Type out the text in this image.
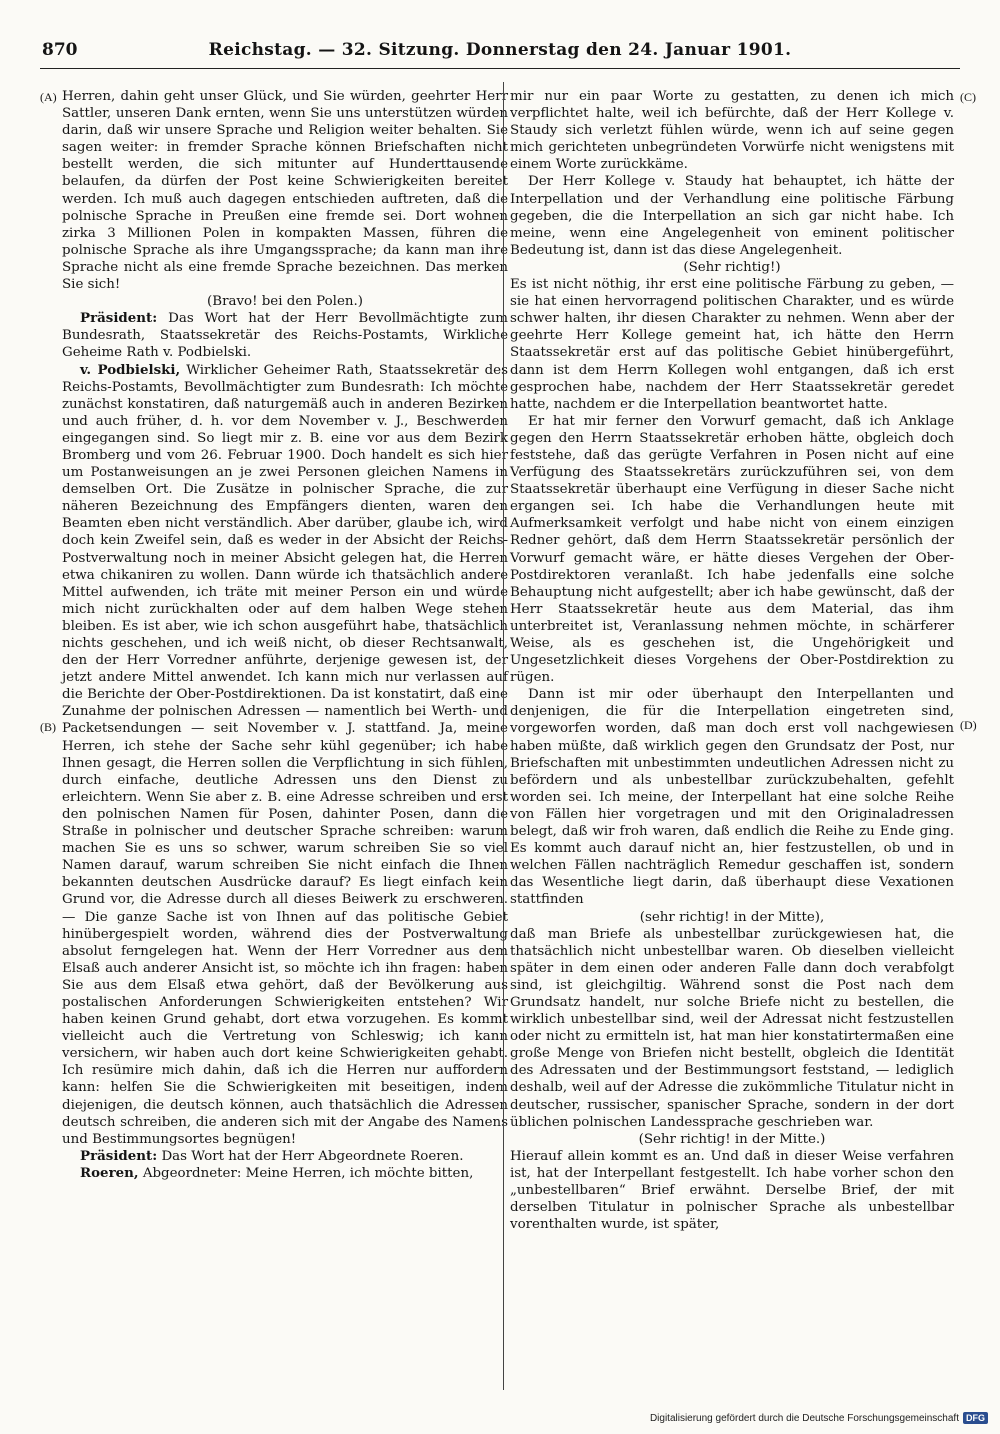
870	Reichstag. — 32. Sitzung. Donnerstag den 24. Januar 1901.
(A)
(B)
(C)
(D)

Herren, dahin geht unser Glück, und Sie würden, geehrter Herr Sattler, unseren Dank ernten, wenn Sie uns unterstützen würden darin, daß wir unsere Sprache und Religion weiter behalten. Sie sagen weiter: in fremder Sprache können Briefschaften nicht bestellt werden, die sich mitunter auf Hunderttausende belaufen, da dürfen der Post keine Schwierigkeiten bereitet werden. Ich muß auch dagegen entschieden auftreten, daß die polnische Sprache in Preußen eine fremde sei. Dort wohnen zirka 3 Millionen Polen in kompakten Massen, führen die polnische Sprache als ihre Umgangssprache; da kann man ihre Sprache nicht als eine fremde Sprache bezeichnen. Das merken Sie sich!

(Bravo! bei den Polen.)

Präsident: Das Wort hat der Herr Bevollmächtigte zum Bundesrath, Staatssekretär des Reichs-Postamts, Wirkliche Geheime Rath v. Podbielski.

v. Podbielski, Wirklicher Geheimer Rath, Staatssekretär des Reichs-Postamts, Bevollmächtigter zum Bundesrath: Ich möchte zunächst konstatiren, daß naturgemäß auch in anderen Bezirken und auch früher, d. h. vor dem November v. J., Beschwerden eingegangen sind. So liegt mir z. B. eine vor aus dem Bezirk Bromberg und vom 26. Februar 1900. Doch handelt es sich hier um Postanweisungen an je zwei Personen gleichen Namens in demselben Ort. Die Zusätze in polnischer Sprache, die zur näheren Bezeichnung des Empfängers dienten, waren den Beamten eben nicht verständlich. Aber darüber, glaube ich, wird doch kein Zweifel sein, daß es weder in der Absicht der Reichs-Postverwaltung noch in meiner Absicht gelegen hat, die Herren etwa chikaniren zu wollen. Dann würde ich thatsächlich andere Mittel aufwenden, ich träte mit meiner Person ein und würde mich nicht zurückhalten oder auf dem halben Wege stehen bleiben. Es ist aber, wie ich schon ausgeführt habe, thatsächlich nichts geschehen, und ich weiß nicht, ob dieser Rechtsanwalt, den der Herr Vorredner anführte, derjenige gewesen ist, der jetzt andere Mittel anwendet. Ich kann mich nur verlassen auf die Berichte der Ober-Postdirektionen. Da ist konstatirt, daß eine Zunahme der polnischen Adressen — namentlich bei Werth- und Packetsendungen — seit November v. J. stattfand. Ja, meine Herren, ich stehe der Sache sehr kühl gegenüber; ich habe Ihnen gesagt, die Herren sollen die Verpflichtung in sich fühlen, durch einfache, deutliche Adressen uns den Dienst zu erleichtern. Wenn Sie aber z. B. eine Adresse schreiben und erst den polnischen Namen für Posen, dahinter Posen, dann die Straße in polnischer und deutscher Sprache schreiben: warum machen Sie es uns so schwer, warum schreiben Sie so viel Namen darauf, warum schreiben Sie nicht einfach die Ihnen bekannten deutschen Ausdrücke darauf? Es liegt einfach kein Grund vor, die Adresse durch all dieses Beiwerk zu erschweren. — Die ganze Sache ist von Ihnen auf das politische Gebiet hinübergespielt worden, während dies der Postverwaltung absolut ferngelegen hat. Wenn der Herr Vorredner aus dem Elsaß auch anderer Ansicht ist, so möchte ich ihn fragen: haben Sie aus dem Elsaß etwa gehört, daß der Bevölkerung aus postalischen Anforderungen Schwierigkeiten entstehen? Wir haben keinen Grund gehabt, dort etwa vorzugehen. Es kommt vielleicht auch die Vertretung von Schleswig; ich kann versichern, wir haben auch dort keine Schwierigkeiten gehabt. Ich resümire mich dahin, daß ich die Herren nur auffordern kann: helfen Sie die Schwierigkeiten mit beseitigen, indem diejenigen, die deutsch können, auch thatsächlich die Adressen deutsch schreiben, die anderen sich mit der Angabe des Namens und Bestimmungsortes begnügen!

Präsident: Das Wort hat der Herr Abgeordnete Roeren.

Roeren, Abgeordneter: Meine Herren, ich möchte bitten,

mir nur ein paar Worte zu gestatten, zu denen ich mich verpflichtet halte, weil ich befürchte, daß der Herr Kollege v. Staudy sich verletzt fühlen würde, wenn ich auf seine gegen mich gerichteten unbegründeten Vorwürfe nicht wenigstens mit einem Worte zurückkäme.

Der Herr Kollege v. Staudy hat behauptet, ich hätte der Interpellation und der Verhandlung eine politische Färbung gegeben, die die Interpellation an sich gar nicht habe. Ich meine, wenn eine Angelegenheit von eminent politischer Bedeutung ist, dann ist das diese Angelegenheit.

(Sehr richtig!)

Es ist nicht nöthig, ihr erst eine politische Färbung zu geben, — sie hat einen hervorragend politischen Charakter, und es würde schwer halten, ihr diesen Charakter zu nehmen. Wenn aber der geehrte Herr Kollege gemeint hat, ich hätte den Herrn Staatssekretär erst auf das politische Gebiet hinübergeführt, dann ist dem Herrn Kollegen wohl entgangen, daß ich erst gesprochen habe, nachdem der Herr Staatssekretär geredet hatte, nachdem er die Interpellation beantwortet hatte.

Er hat mir ferner den Vorwurf gemacht, daß ich Anklage gegen den Herrn Staatssekretär erhoben hätte, obgleich doch feststehe, daß das gerügte Verfahren in Posen nicht auf eine Verfügung des Staatssekretärs zurückzuführen sei, von dem Staatssekretär überhaupt eine Verfügung in dieser Sache nicht ergangen sei. Ich habe die Verhandlungen heute mit Aufmerksamkeit verfolgt und habe nicht von einem einzigen Redner gehört, daß dem Herrn Staatssekretär persönlich der Vorwurf gemacht wäre, er hätte dieses Vergehen der Ober-Postdirektoren veranlaßt. Ich habe jedenfalls eine solche Behauptung nicht aufgestellt; aber ich habe gewünscht, daß der Herr Staatssekretär heute aus dem Material, das ihm unterbreitet ist, Veranlassung nehmen möchte, in schärferer Weise, als es geschehen ist, die Ungehörigkeit und Ungesetzlichkeit dieses Vorgehens der Ober-Postdirektion zu rügen.

Dann ist mir oder überhaupt den Interpellanten und denjenigen, die für die Interpellation eingetreten sind, vorgeworfen worden, daß man doch erst voll nachgewiesen haben müßte, daß wirklich gegen den Grundsatz der Post, nur Briefschaften mit unbestimmten undeutlichen Adressen nicht zu befördern und als unbestellbar zurückzubehalten, gefehlt worden sei. Ich meine, der Interpellant hat eine solche Reihe von Fällen hier vorgetragen und mit den Originaladressen belegt, daß wir froh waren, daß endlich die Reihe zu Ende ging. Es kommt auch darauf nicht an, hier festzustellen, ob und in welchen Fällen nachträglich Remedur geschaffen ist, sondern das Wesentliche liegt darin, daß überhaupt diese Vexationen stattfinden

(sehr richtig! in der Mitte),

daß man Briefe als unbestellbar zurückgewiesen hat, die thatsächlich nicht unbestellbar waren. Ob dieselben vielleicht später in dem einen oder anderen Falle dann doch verabfolgt sind, ist gleichgiltig. Während sonst die Post nach dem Grundsatz handelt, nur solche Briefe nicht zu bestellen, die wirklich unbestellbar sind, weil der Adressat nicht festzustellen oder nicht zu ermitteln ist, hat man hier konstatirtermaßen eine große Menge von Briefen nicht bestellt, obgleich die Identität des Adressaten und der Bestimmungsort feststand, — lediglich deshalb, weil auf der Adresse die zukömmliche Titulatur nicht in deutscher, russischer, spanischer Sprache, sondern in der dort üblichen polnischen Landessprache geschrieben war.

(Sehr richtig! in der Mitte.)

Hierauf allein kommt es an. Und daß in dieser Weise verfahren ist, hat der Interpellant festgestellt. Ich habe vorher schon den „unbestellbaren“ Brief erwähnt. Derselbe Brief, der mit derselben Titulatur in polnischer Sprache als unbestellbar vorenthalten wurde, ist später,

Digitalisierung gefördert durch die Deutsche Forschungsgemeinschaft DFG
